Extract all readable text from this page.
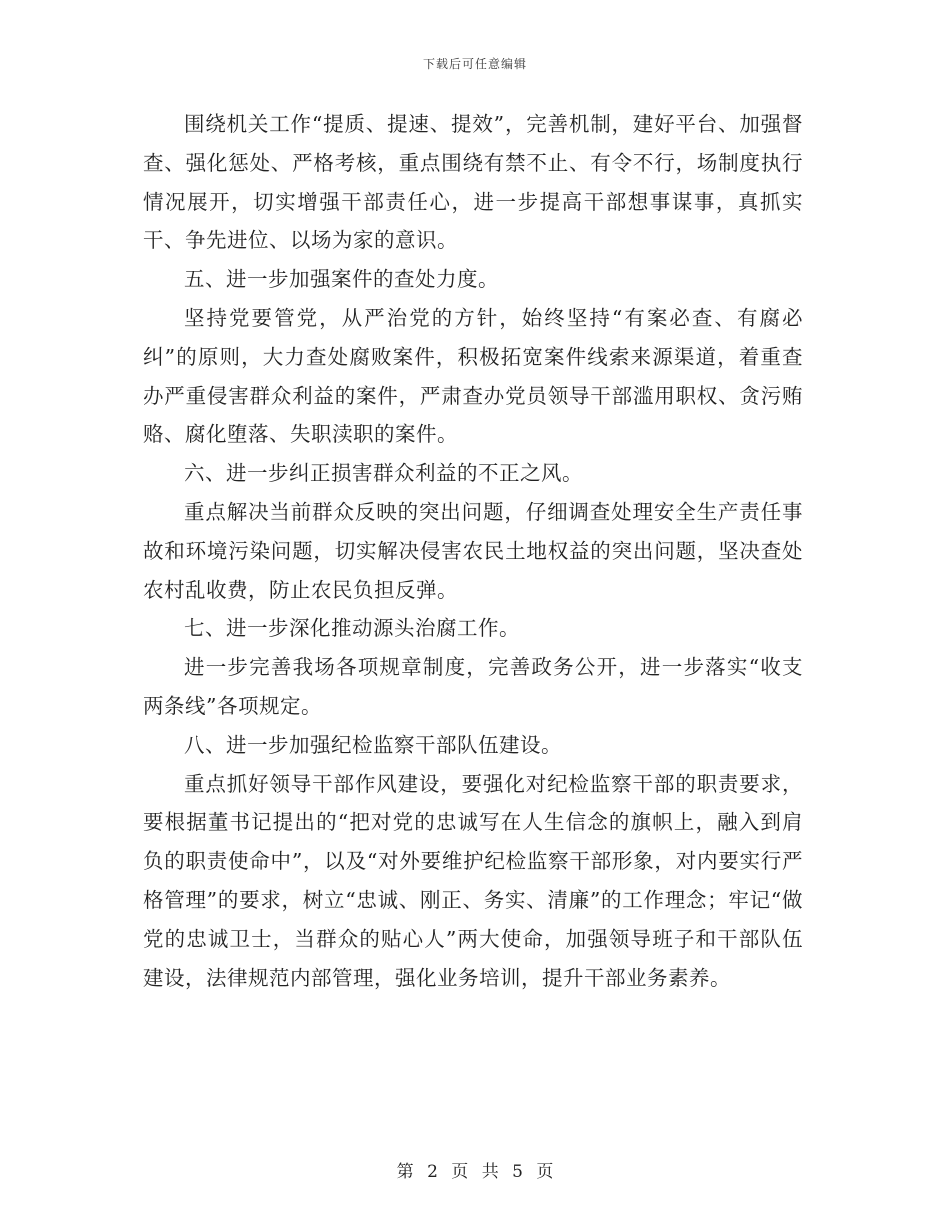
下载后可任意编辑

围绕机关工作“提质、提速、提效”，完善机制，建好平台、加强督查、强化惩处、严格考核，重点围绕有禁不止、有令不行，场制度执行情况展开，切实增强干部责任心，进一步提高干部想事谋事，真抓实干、争先进位、以场为家的意识。

五、进一步加强案件的查处力度。

坚持党要管党，从严治党的方针，始终坚持“有案必查、有腐必纠”的原则，大力查处腐败案件，积极拓宽案件线索来源渠道，着重查办严重侵害群众利益的案件，严肃查办党员领导干部滥用职权、贪污贿赂、腐化堕落、失职渎职的案件。

六、进一步纠正损害群众利益的不正之风。

重点解决当前群众反映的突出问题，仔细调查处理安全生产责任事故和环境污染问题，切实解决侵害农民土地权益的突出问题，坚决查处农村乱收费，防止农民负担反弹。

七、进一步深化推动源头治腐工作。

进一步完善我场各项规章制度，完善政务公开，进一步落实“收支两条线”各项规定。

八、进一步加强纪检监察干部队伍建设。

重点抓好领导干部作风建设，要强化对纪检监察干部的职责要求，要根据董书记提出的“把对党的忠诚写在人生信念的旗帜上，融入到肩负的职责使命中”，以及“对外要维护纪检监察干部形象，对内要实行严格管理”的要求，树立“忠诚、刚正、务实、清廉”的工作理念；牢记“做党的忠诚卫士，当群众的贴心人”两大使命，加强领导班子和干部队伍建设，法律规范内部管理，强化业务培训，提升干部业务素养。

第 2 页 共 5 页
